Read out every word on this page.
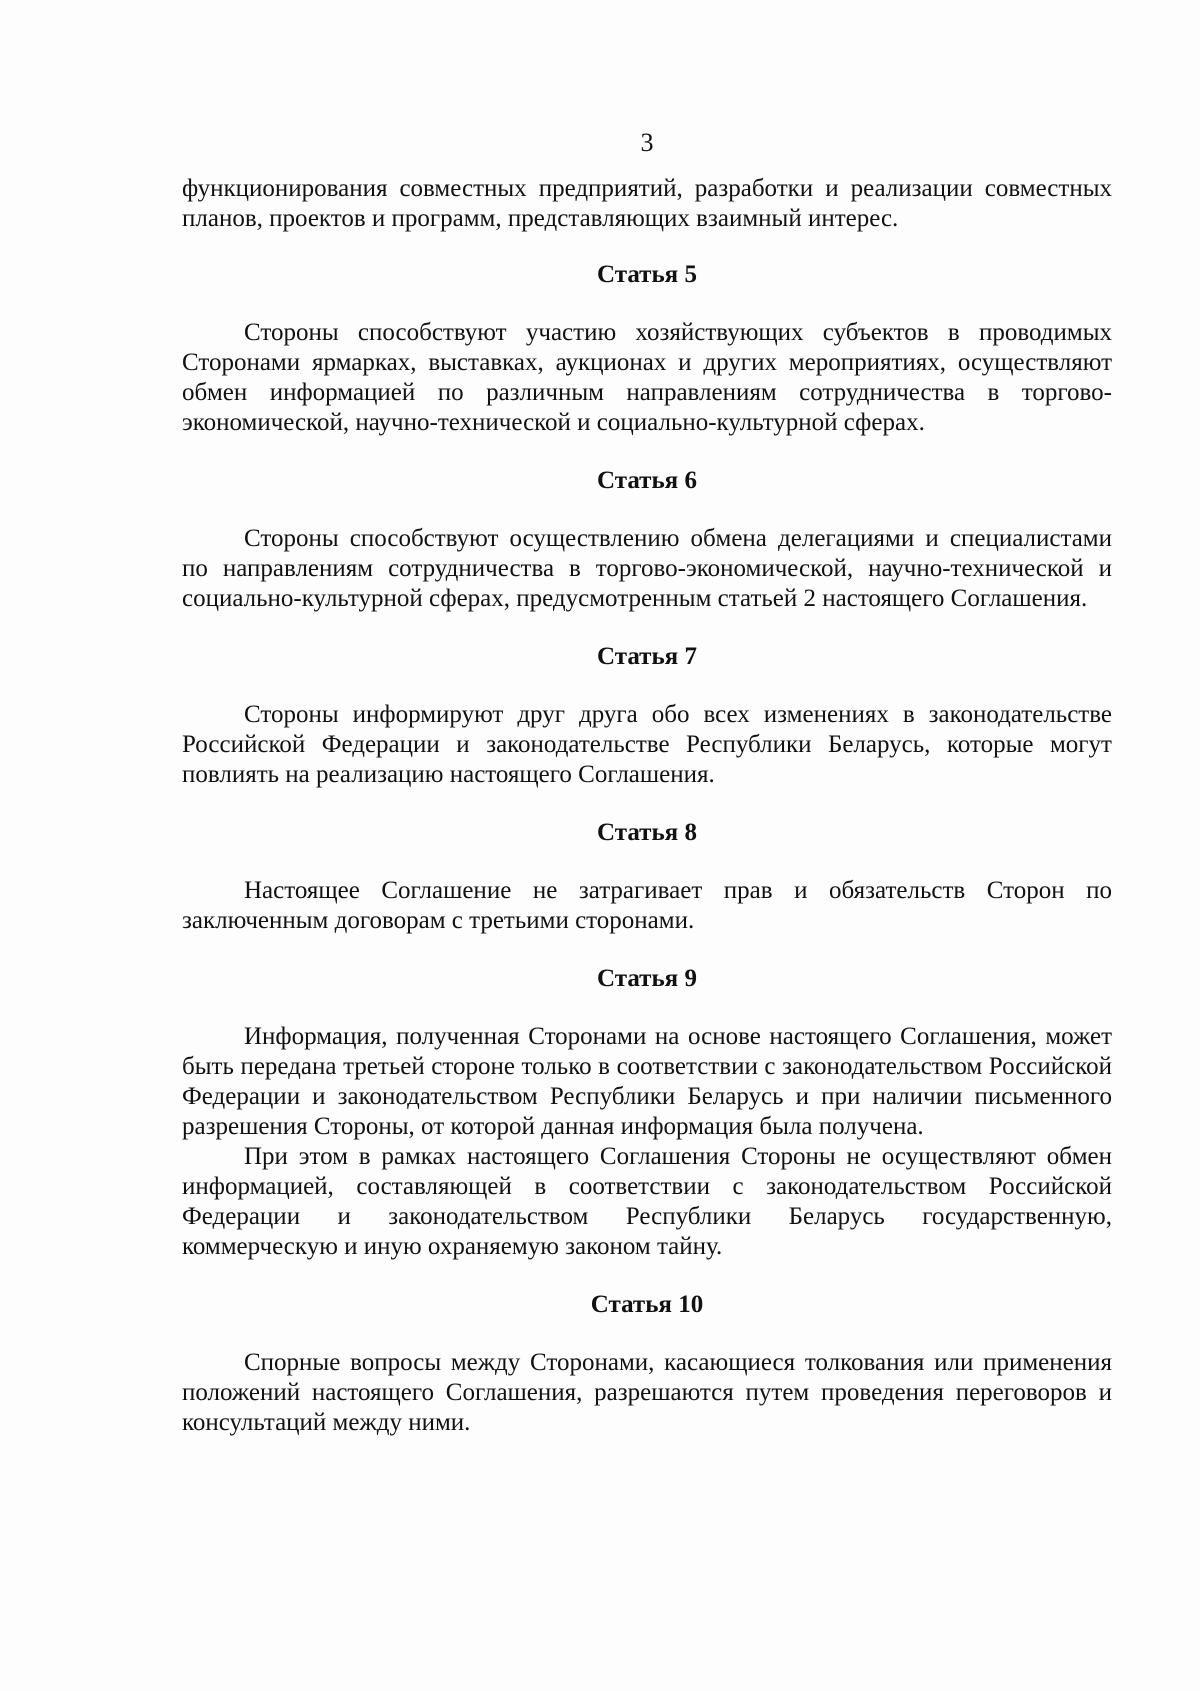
3

функционирования совместных предприятий, разработки и реализации совместных планов, проектов и программ, представляющих взаимный интерес.

Статья 5

Стороны способствуют участию хозяйствующих субъектов в проводимых Сторонами ярмарках, выставках, аукционах и других мероприятиях, осуществляют обмен информацией по различным направлениям сотрудничества в торгово-экономической, научно-технической и социально-культурной сферах.

Статья 6

Стороны способствуют осуществлению обмена делегациями и специалистами по направлениям сотрудничества в торгово-экономической, научно-технической и социально-культурной сферах, предусмотренным статьей 2 настоящего Соглашения.

Статья 7

Стороны информируют друг друга обо всех изменениях в законодательстве Российской Федерации и законодательстве Республики Беларусь, которые могут повлиять на реализацию настоящего Соглашения.

Статья 8

Настоящее Соглашение не затрагивает прав и обязательств Сторон по заключенным договорам с третьими сторонами.

Статья 9

Информация, полученная Сторонами на основе настоящего Соглашения, может быть передана третьей стороне только в соответствии с законодательством Российской Федерации и законодательством Республики Беларусь и при наличии письменного разрешения Стороны, от которой данная информация была получена.

При этом в рамках настоящего Соглашения Стороны не осуществляют обмен информацией, составляющей в соответствии с законодательством Российской Федерации и законодательством Республики Беларусь государственную, коммерческую и иную охраняемую законом тайну.

Статья 10

Спорные вопросы между Сторонами, касающиеся толкования или применения положений настоящего Соглашения, разрешаются путем проведения переговоров и консультаций между ними.
